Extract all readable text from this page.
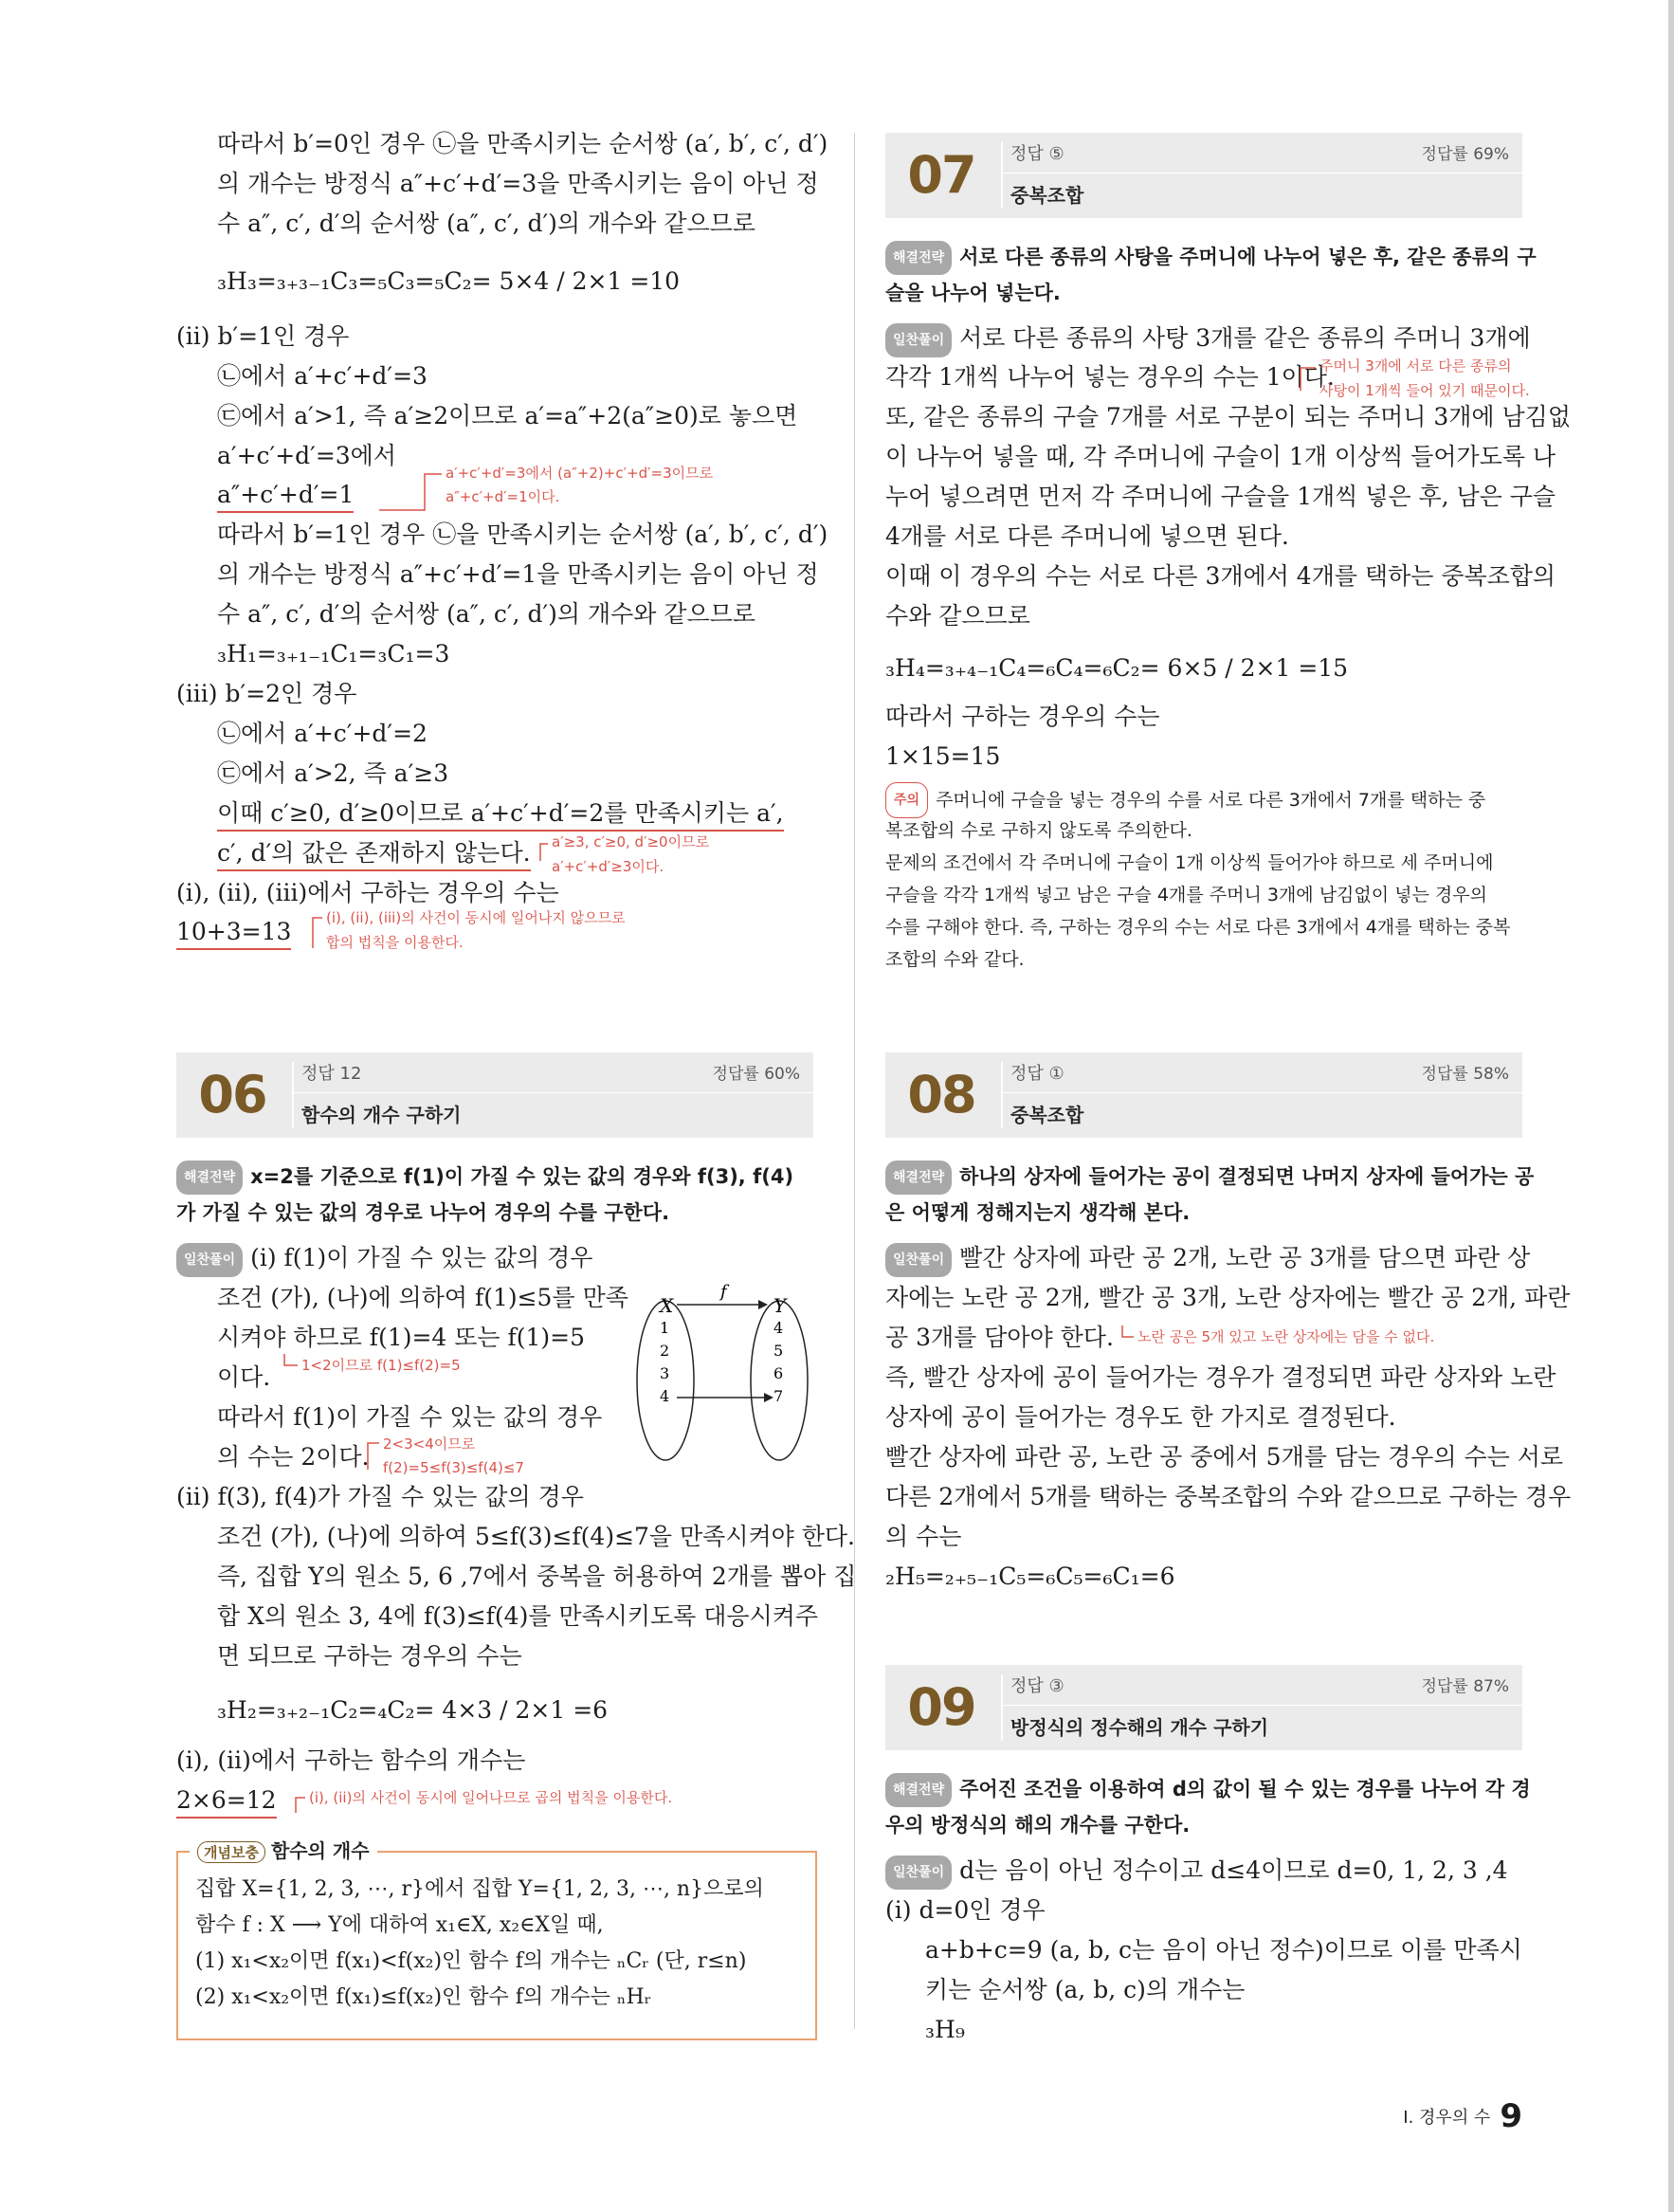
따라서 b′=0인 경우 ㉡을 만족시키는 순서쌍 (a′, b′, c′, d′)
의 개수는 방정식 a″+c′+d′=3을 만족시키는 음이 아닌 정
수 a″, c′, d′의 순서쌍 (a″, c′, d′)의 개수와 같으므로
₃H₃=₃₊₃₋₁C₃=₅C₃=₅C₂= 5×4 / 2×1 =10
(ii) b′=1인 경우
㉡에서 a′+c′+d′=3
㉢에서 a′>1, 즉 a′≥2이므로 a′=a″+2(a″≥0)로 놓으면
a′+c′+d′=3에서
a″+c′+d′=1
따라서 b′=1인 경우 ㉡을 만족시키는 순서쌍 (a′, b′, c′, d′)
의 개수는 방정식 a″+c′+d′=1을 만족시키는 음이 아닌 정
수 a″, c′, d′의 순서쌍 (a″, c′, d′)의 개수와 같으므로
₃H₁=₃₊₁₋₁C₁=₃C₁=3
(iii) b′=2인 경우
㉡에서 a′+c′+d′=2
㉢에서 a′>2, 즉 a′≥3
이때 c′≥0, d′≥0이므로 a′+c′+d′=2를 만족시키는 a′,
c′, d′의 값은 존재하지 않는다.
(i), (ii), (iii)에서 구하는 경우의 수는
10+3=13
a′+c′+d′=3에서 (a″+2)+c′+d′=3이므로
a″+c′+d′=1이다.
a′≥3, c′≥0, d′≥0이므로
a′+c′+d′≥3이다.
(i), (ii), (iii)의 사건이 동시에 일어나지 않으므로
합의 법칙을 이용한다.
07	정답 ⑤	정답률 69%
중복조합
해결전략 서로 다른 종류의 사탕을 주머니에 나누어 넣은 후, 같은 종류의 구
슬을 나누어 넣는다.
일찬풀이 서로 다른 종류의 사탕 3개를 같은 종류의 주머니 3개에
각각 1개씩 나누어 넣는 경우의 수는 1이다.
또, 같은 종류의 구슬 7개를 서로 구분이 되는 주머니 3개에 남김없
이 나누어 넣을 때, 각 주머니에 구슬이 1개 이상씩 들어가도록 나
누어 넣으려면 먼저 각 주머니에 구슬을 1개씩 넣은 후, 남은 구슬
4개를 서로 다른 주머니에 넣으면 된다.
이때 이 경우의 수는 서로 다른 3개에서 4개를 택하는 중복조합의
수와 같으므로
₃H₄=₃₊₄₋₁C₄=₆C₄=₆C₂= 6×5 / 2×1 =15
따라서 구하는 경우의 수는
1×15=15
주머니 3개에 서로 다른 종류의
사탕이 1개씩 들어 있기 때문이다.
주의 주머니에 구슬을 넣는 경우의 수를 서로 다른 3개에서 7개를 택하는 중
복조합의 수로 구하지 않도록 주의한다.
문제의 조건에서 각 주머니에 구슬이 1개 이상씩 들어가야 하므로 세 주머니에
구슬을 각각 1개씩 넣고 남은 구슬 4개를 주머니 3개에 남김없이 넣는 경우의
수를 구해야 한다. 즉, 구하는 경우의 수는 서로 다른 3개에서 4개를 택하는 중복
조합의 수와 같다.
06	정답 12	정답률 60%
함수의 개수 구하기
해결전략 x=2를 기준으로 f(1)이 가질 수 있는 값의 경우와 f(3), f(4)
가 가질 수 있는 값의 경우로 나누어 경우의 수를 구한다.
일찬풀이 (i) f(1)이 가질 수 있는 값의 경우
조건 (가), (나)에 의하여 f(1)≤5를 만족
시켜야 하므로 f(1)=4 또는 f(1)=5
이다.
따라서 f(1)이 가질 수 있는 값의 경우
의 수는 2이다.
(ii) f(3), f(4)가 가질 수 있는 값의 경우
조건 (가), (나)에 의하여 5≤f(3)≤f(4)≤7을 만족시켜야 한다.
즉, 집합 Y의 원소 5, 6 ,7에서 중복을 허용하여 2개를 뽑아 집
합 X의 원소 3, 4에 f(3)≤f(4)를 만족시키도록 대응시켜주
면 되므로 구하는 경우의 수는
₃H₂=₃₊₂₋₁C₂=₄C₂= 4×3 / 2×1 =6
(i), (ii)에서 구하는 함수의 개수는
2×6=12
1<2이므로 f(1)≤f(2)=5
2<3<4이므로
f(2)=5≤f(3)≤f(4)≤7
(i), (ii)의 사건이 동시에 일어나므로 곱의 법칙을 이용한다.
X	Y
f
1
2
3
4
4
5
6
7
개념보충 함수의 개수
집합 X={1, 2, 3, ⋯, r}에서 집합 Y={1, 2, 3, ⋯, n}으로의
함수 f : X ⟶ Y에 대하여 x₁∈X, x₂∈X일 때,
(1) x₁<x₂이면 f(x₁)<f(x₂)인 함수 f의 개수는 ₙCᵣ (단, r≤n)
(2) x₁<x₂이면 f(x₁)≤f(x₂)인 함수 f의 개수는 ₙHᵣ
08	정답 ①	정답률 58%
중복조합
해결전략 하나의 상자에 들어가는 공이 결정되면 나머지 상자에 들어가는 공
은 어떻게 정해지는지 생각해 본다.
일찬풀이 빨간 상자에 파란 공 2개, 노란 공 3개를 담으면 파란 상
자에는 노란 공 2개, 빨간 공 3개, 노란 상자에는 빨간 공 2개, 파란
공 3개를 담아야 한다.
즉, 빨간 상자에 공이 들어가는 경우가 결정되면 파란 상자와 노란
상자에 공이 들어가는 경우도 한 가지로 결정된다.
빨간 상자에 파란 공, 노란 공 중에서 5개를 담는 경우의 수는 서로
다른 2개에서 5개를 택하는 중복조합의 수와 같으므로 구하는 경우
의 수는
₂H₅=₂₊₅₋₁C₅=₆C₅=₆C₁=6
노란 공은 5개 있고 노란 상자에는 담을 수 없다.
09	정답 ③	정답률 87%
방정식의 정수해의 개수 구하기
해결전략 주어진 조건을 이용하여 d의 값이 될 수 있는 경우를 나누어 각 경
우의 방정식의 해의 개수를 구한다.
일찬풀이 d는 음이 아닌 정수이고 d≤4이므로 d=0, 1, 2, 3 ,4
(i) d=0인 경우
a+b+c=9 (a, b, c는 음이 아닌 정수)이므로 이를 만족시
키는 순서쌍 (a, b, c)의 개수는
₃H₉
I. 경우의 수 9
